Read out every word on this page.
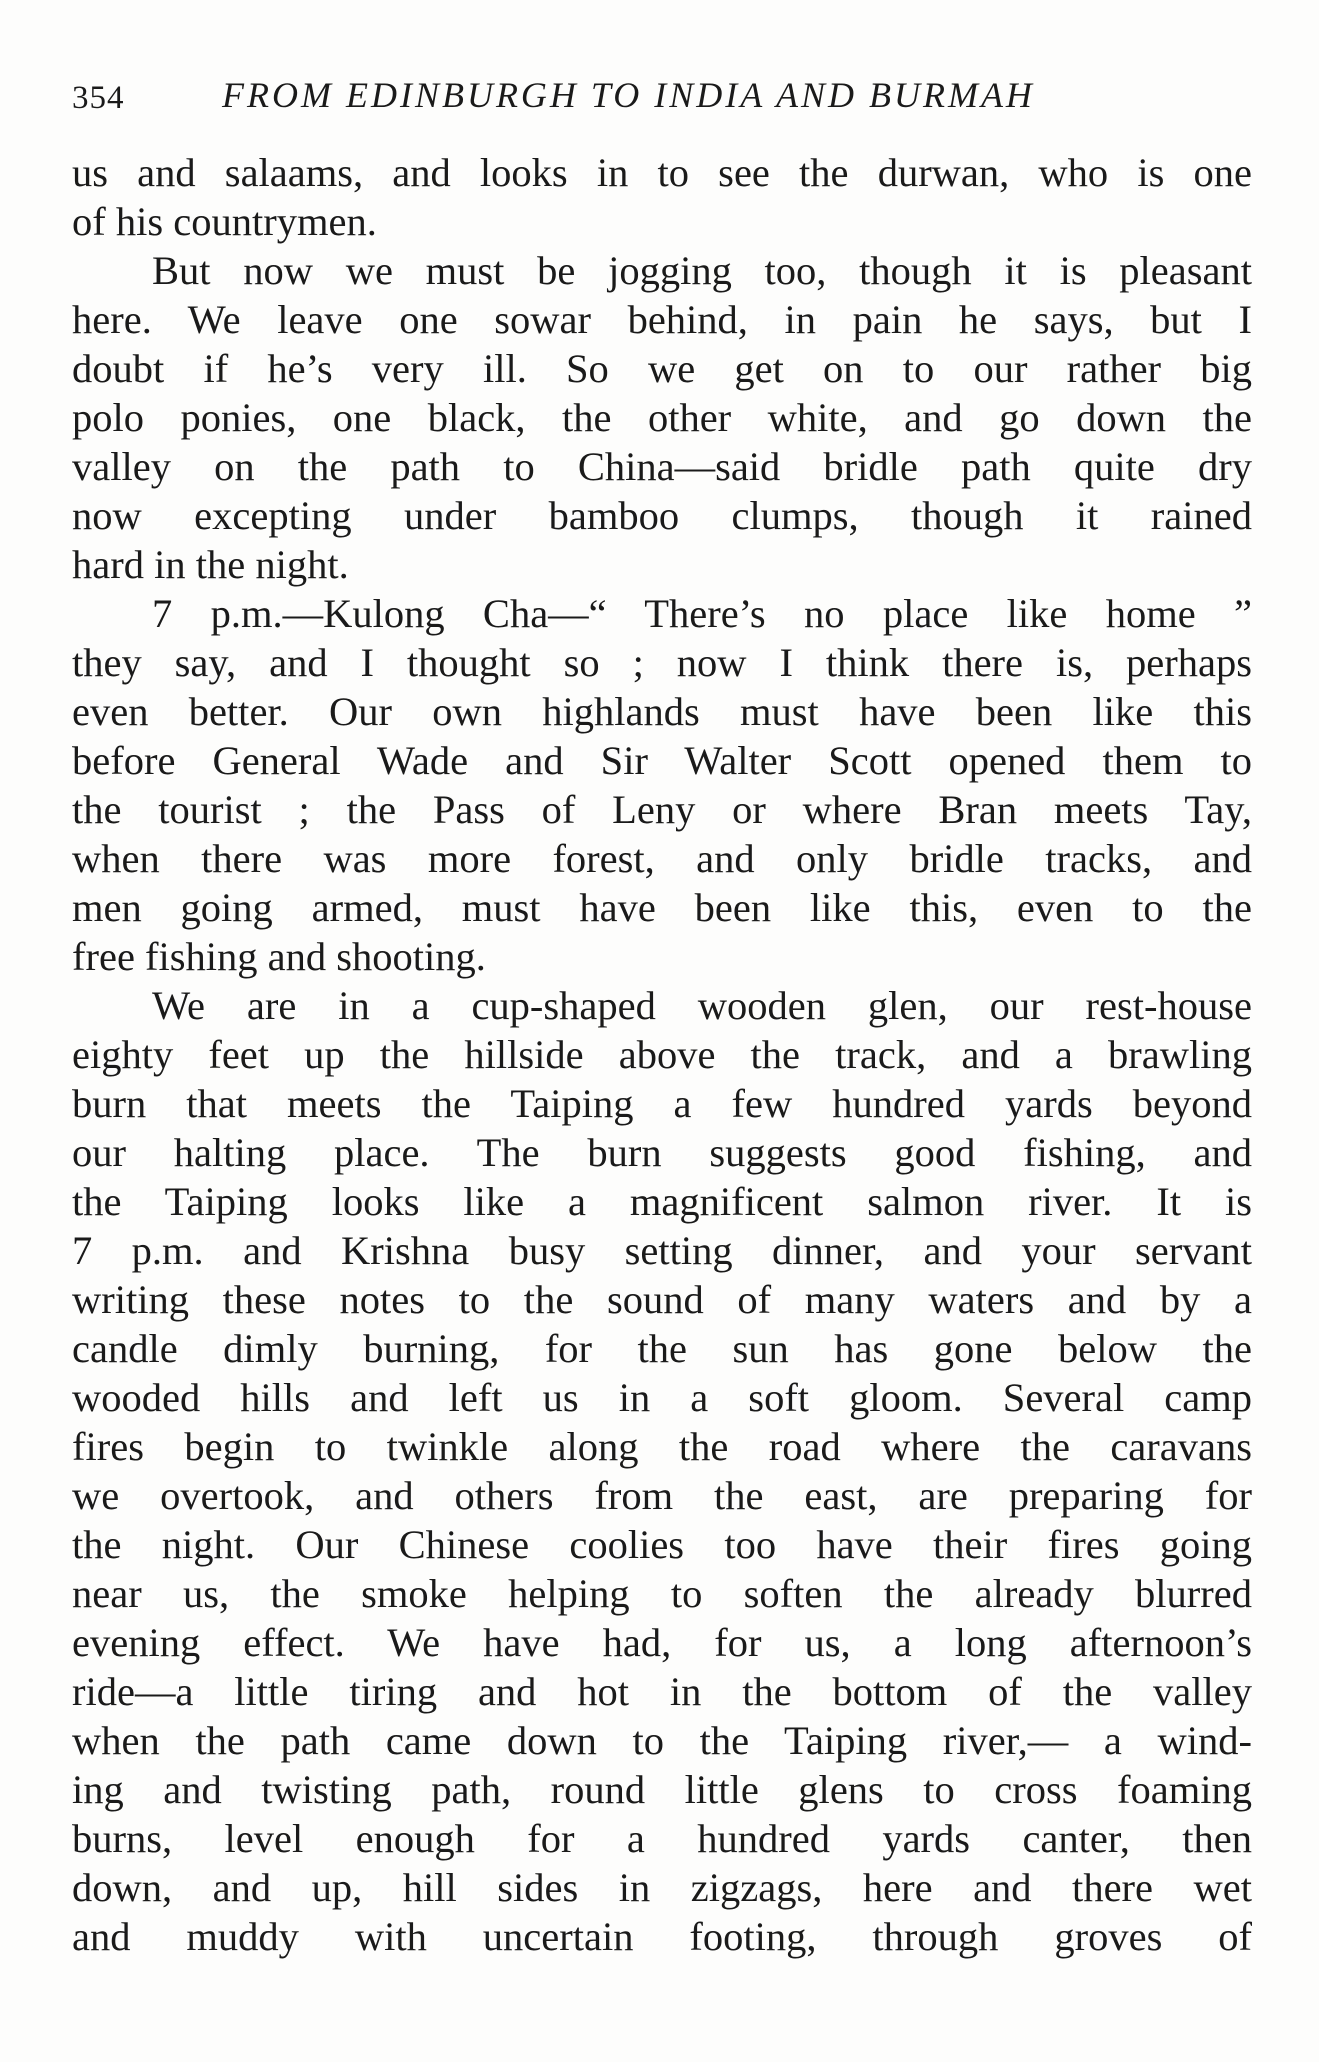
354	FROM EDINBURGH TO INDIA AND BURMAH
us and salaams, and looks in to see the durwan, who is one
of his countrymen.
But now we must be jogging too, though it is pleasant
here. We leave one sowar behind, in pain he says, but I
doubt if he’s very ill. So we get on to our rather big
polo ponies, one black, the other white, and go down the
valley on the path to China—said bridle path quite dry
now excepting under bamboo clumps, though it rained
hard in the night.
7 p.m.—Kulong Cha—“ There’s no place like home ”
they say, and I thought so ; now I think there is, perhaps
even better. Our own highlands must have been like this
before General Wade and Sir Walter Scott opened them to
the tourist ; the Pass of Leny or where Bran meets Tay,
when there was more forest, and only bridle tracks, and
men going armed, must have been like this, even to the
free fishing and shooting.
We are in a cup-shaped wooden glen, our rest-house
eighty feet up the hillside above the track, and a brawling
burn that meets the Taiping a few hundred yards beyond
our halting place. The burn suggests good fishing, and
the Taiping looks like a magnificent salmon river. It is
7 p.m. and Krishna busy setting dinner, and your servant
writing these notes to the sound of many waters and by a
candle dimly burning, for the sun has gone below the
wooded hills and left us in a soft gloom. Several camp
fires begin to twinkle along the road where the caravans
we overtook, and others from the east, are preparing for
the night. Our Chinese coolies too have their fires going
near us, the smoke helping to soften the already blurred
evening effect. We have had, for us, a long afternoon’s
ride—a little tiring and hot in the bottom of the valley
when the path came down to the Taiping river,— a wind-
ing and twisting path, round little glens to cross foaming
burns, level enough for a hundred yards canter, then
down, and up, hill sides in zigzags, here and there wet
and muddy with uncertain footing, through groves of
